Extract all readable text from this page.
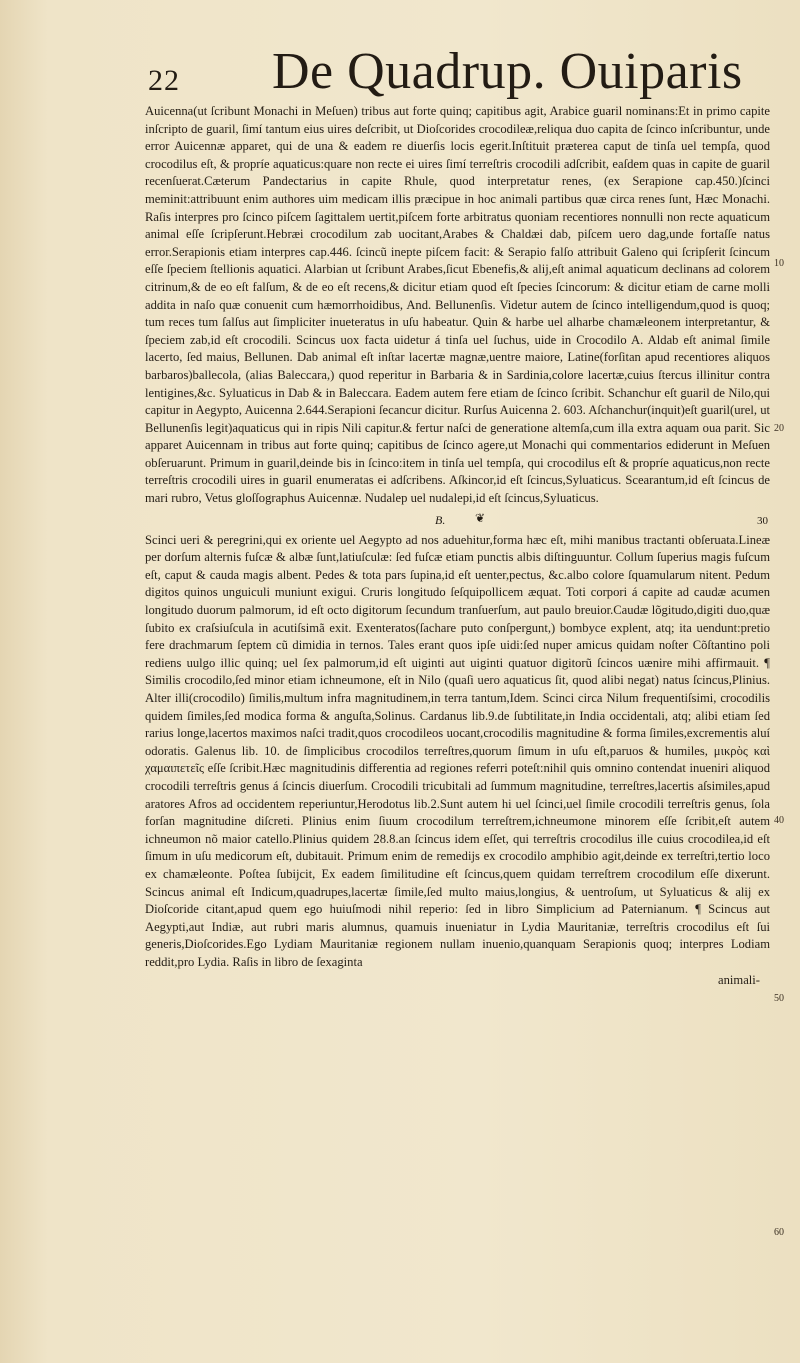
22 De Quadrup. Ouiparis

Auicenna(ut ſcribunt Monachi in Meſuen) tribus aut forte quinq; capitibus agit, Arabice guaril nominans:Et in primo capite inſcripto de guaril, ſimí tantum eius uires deſcribit, ut Dioſcorides crocodileæ,reliqua duo capita de ſcinco inſcribuntur, unde error Auicennæ apparet, qui de una & eadem re diuerſis locis egerit.Inſtituit præterea caput de tinſa uel tempſa, quod crocodilus eſt, & propríe aquaticus:quare non recte ei uires ſimí terreſtris crocodili adſcribit, eaſdem quas in capite de guaril recenſuerat.Cæterum Pandectarius in capite Rhule, quod interpretatur renes, (ex Serapione cap.450.)ſcinci meminit:attribuunt enim authores uim medicam illis præcipue in hoc animali partibus quæ circa renes ſunt, Hæc Monachi. Raſis interpres pro ſcinco piſcem ſagittalem uertit,piſcem forte arbitratus quoniam recentiores nonnulli non recte aquaticum animal eſſe ſcripſerunt.Hebræi crocodilum zab uocitant,Arabes & Chaldæi dab, piſcem uero dag,unde fortaſſe natus error.Serapionis etiam interpres cap.446. ſcincũ inepte piſcem facit: & Serapio falſo attribuit Galeno qui ſcripſerit ſcincum eſſe ſpeciem ſtellionis aquatici. Alarbian ut ſcribunt Arabes,ſicut Ebenefis,& alij,eſt animal aquaticum declinans ad colorem citrinum,& de eo eſt falſum, & de eo eſt recens,& dicitur etiam quod eſt ſpecies ſcincorum: & dicitur etiam de carne molli addita in naſo quæ conuenit cum hæmorrhoidibus, And. Bellunenſis. Videtur autem de ſcinco intelligendum,quod is quoq; tum reces tum ſalſus aut ſimpliciter inueteratus in uſu habeatur. Quin & harbe uel alharbe chamæleonem interpretantur, & ſpeciem zab,id eſt crocodili. Scincus uox facta uidetur á tinſa uel ſuchus, uide in Crocodilo A. Aldab eſt animal ſimile lacerto, ſed maius, Bellunen. Dab animal eſt inſtar lacertæ magnæ,uentre maiore, Latine(forſitan apud recentiores aliquos barbaros)ballecola, (alias Baleccara,) quod reperitur in Barbaria & in Sardinia,colore lacertæ,cuius ſtercus illinitur contra lentigines,&c. Syluaticus in Dab & in Baleccara. Eadem autem fere etiam de ſcinco ſcribit. Schanchur eſt guaril de Nilo,qui capitur in Aegypto, Auicenna 2.644.Serapioni ſecancur dicitur. Rurſus Auicenna 2. 603. Aſchanchur(inquit)eſt guaril(urel, ut Bellunenſis legit)aquaticus qui in ripis Nili capitur.& fertur naſci de generatione altemſa,cum illa extra aquam oua parit. Sic apparet Auicennam in tribus aut forte quinq; capitibus de ſcinco agere,ut Monachi qui commentarios ediderunt in Meſuen obſeruarunt. Primum in guaril,deinde bis in ſcinco:item in tinſa uel tempſa, qui crocodilus eſt & propríe aquaticus,non recte terreſtris crocodili uires in guaril enumeratas ei adſcribens. Aſkincor,id eſt ſcincus,Syluaticus. Scearantum,id eſt ſcincus de mari rubro, Vetus gloſſographus Auicennæ. Nudalep uel nudalepi,id eſt ſcincus,Syluaticus.

B. ❦	30

Scinci ueri & peregrini,qui ex oriente uel Aegypto ad nos aduehitur,forma hæc eſt, mihi manibus tractanti obſeruata.Lineæ per dorſum alternis fuſcæ & albæ ſunt,latiuſculæ: ſed fuſcæ etiam punctis albis diſtinguuntur. Collum ſuperius magis fuſcum eſt, caput & cauda magis albent. Pedes & tota pars ſupina,id eſt uenter,pectus, &c.albo colore ſquamularum nitent. Pedum digitos quinos unguiculi muniunt exigui. Cruris longitudo ſeſquipollicem æquat. Toti corpori á capite ad caudæ acumen longitudo duorum palmorum, id eſt octo digitorum ſecundum tranſuerſum, aut paulo breuior.Caudæ lõgitudo,digiti duo,quæ ſubito ex craſsiuſcula in acutiſsimã exit. Exenteratos(ſachare puto conſpergunt,) bombyce explent, atq; ita uendunt:pretio fere drachmarum ſeptem cũ dimidia in ternos. Tales erant quos ipſe uidi:ſed nuper amicus quidam noſter Cõſtantino poli rediens uulgo illic quinq; uel ſex palmorum,id eſt uiginti aut uiginti quatuor digitorũ ſcincos uænire mihi affirmauit. ¶ Similis crocodilo,ſed minor etiam ichneumone, eſt in Nilo (quaſi uero aquaticus ſit, quod alibi negat) natus ſcincus,Plinius. Alter illi(crocodilo) ſimilis,multum infra magnitudinem,in terra tantum,Idem. Scinci circa Nilum frequentiſsimi, crocodilis quidem ſimiles,ſed modica forma & anguſta,Solinus. Cardanus lib.9.de ſubtilitate,in India occidentali, atq; alibi etiam ſed rarius longe,lacertos maximos naſci tradit,quos crocodileos uocant,crocodilis magnitudine & forma ſimiles,excrementis aluí odoratis. Galenus lib. 10. de ſimplicibus crocodilos terreſtres,quorum ſimum in uſu eſt,paruos & humiles, μικρὸς καὶ χαμαιπετεῖς eſſe ſcribit.Hæc magnitudinis differentia ad regiones referri poteſt:nihil quis omnino contendat inueniri aliquod crocodili terreſtris genus á ſcincis diuerſum. Crocodili tricubitali ad ſummum magnitudine, terreſtres,lacertis aſsimiles,apud aratores Afros ad occidentem reperiuntur,Herodotus lib.2.Sunt autem hi uel ſcinci,uel ſimile crocodili terreſtris genus, ſola forſan magnitudine diſcreti. Plinius enim ſiuum crocodilum terreſtrem,ichneumone minorem eſſe ſcribit,eſt autem ichneumon nõ maior catello.Plinius quidem 28.8.an ſcincus idem eſſet, qui terreſtris crocodilus ille cuius crocodilea,id eſt ſimum in uſu medicorum eſt, dubitauit. Primum enim de remedijs ex crocodilo amphibio agit,deinde ex terreſtri,tertio loco ex chamæleonte. Poſtea ſubijcit, Ex eadem ſimilitudine eſt ſcincus,quem quidam terreſtrem crocodilum eſſe dixerunt. Scincus animal eſt Indicum,quadrupes,lacertæ ſimile,ſed multo maius,longius, & uentroſum, ut Syluaticus & alij ex Dioſcoride citant,apud quem ego huiuſmodi nihil reperio: ſed in libro Simplicium ad Paternianum. ¶ Scincus aut Aegypti,aut Indiæ, aut rubri maris alumnus, quamuis inueniatur in Lydia Mauritaniæ, terreſtris crocodilus eſt ſui generis,Dioſcorides.Ego Lydiam Mauritaniæ regionem nullam inuenio,quanquam Serapionis quoq; interpres Lodiam reddit,pro Lydia. Raſis in libro de ſexaginta

animali-
10
20
40
50
60
